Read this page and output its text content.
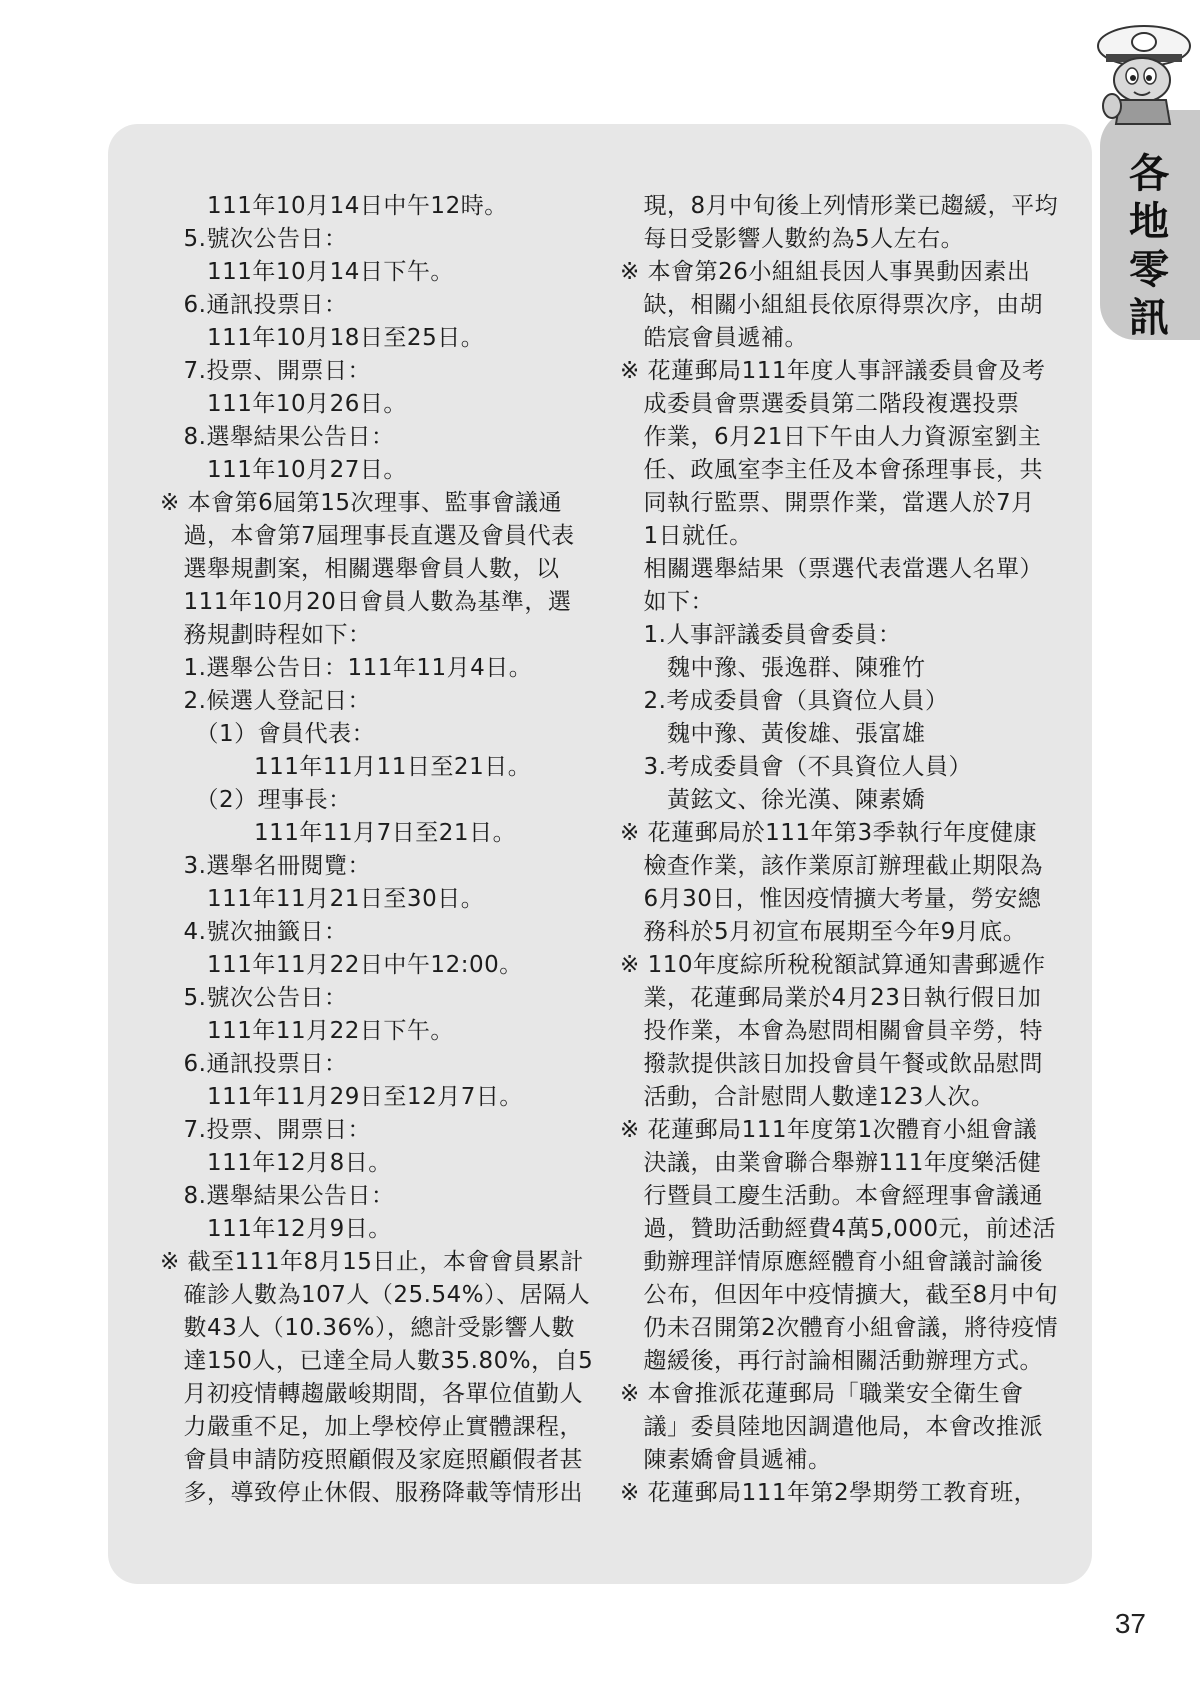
各
地
零
訊
　　111年10月14日中午12時。
　5.號次公告日：
　　111年10月14日下午。
　6.通訊投票日：
　　111年10月18日至25日。
　7.投票、開票日：
　　111年10月26日。
　8.選舉結果公告日：
　　111年10月27日。
※ 本會第6屆第15次理事、監事會議通
　過，本會第7屆理事長直選及會員代表
　選舉規劃案，相關選舉會員人數，以
　111年10月20日會員人數為基準，選
　務規劃時程如下：
　1.選舉公告日：111年11月4日。
　2.候選人登記日：
　　（1）會員代表：
　　　　111年11月11日至21日。
　　（2）理事長：
　　　　111年11月7日至21日。
　3.選舉名冊閱覽：
　　111年11月21日至30日。
　4.號次抽籤日：
　　111年11月22日中午12:00。
　5.號次公告日：
　　111年11月22日下午。
　6.通訊投票日：
　　111年11月29日至12月7日。
　7.投票、開票日：
　　111年12月8日。
　8.選舉結果公告日：
　　111年12月9日。
※ 截至111年8月15日止，本會會員累計
　確診人數為107人（25.54%）、居隔人
　數43人（10.36%），總計受影響人數
　達150人，已達全局人數35.80%，自5
　月初疫情轉趨嚴峻期間，各單位值勤人
　力嚴重不足，加上學校停止實體課程，
　會員申請防疫照顧假及家庭照顧假者甚
　多，導致停止休假、服務降載等情形出
　現，8月中旬後上列情形業已趨緩，平均
　每日受影響人數約為5人左右。
※ 本會第26小組組長因人事異動因素出
　缺，相關小組組長依原得票次序，由胡
　皓宸會員遞補。
※ 花蓮郵局111年度人事評議委員會及考
　成委員會票選委員第二階段複選投票
　作業，6月21日下午由人力資源室劉主
　任、政風室李主任及本會孫理事長，共
　同執行監票、開票作業，當選人於7月
　1日就任。
　相關選舉結果（票選代表當選人名單）
　如下：
　1.人事評議委員會委員：
　　魏中豫、張逸群、陳雅竹
　2.考成委員會（具資位人員）
　　魏中豫、黃俊雄、張富雄
　3.考成委員會（不具資位人員）
　　黃鉉文、徐光漢、陳素嬌
※ 花蓮郵局於111年第3季執行年度健康
　檢查作業，該作業原訂辦理截止期限為
　6月30日，惟因疫情擴大考量，勞安總
　務科於5月初宣布展期至今年9月底。
※ 110年度綜所稅稅額試算通知書郵遞作
　業，花蓮郵局業於4月23日執行假日加
　投作業，本會為慰問相關會員辛勞，特
　撥款提供該日加投會員午餐或飲品慰問
　活動，合計慰問人數達123人次。
※ 花蓮郵局111年度第1次體育小組會議
　決議，由業會聯合舉辦111年度樂活健
　行暨員工慶生活動。本會經理事會議通
　過，贊助活動經費4萬5,000元，前述活
　動辦理詳情原應經體育小組會議討論後
　公布，但因年中疫情擴大，截至8月中旬
　仍未召開第2次體育小組會議，將待疫情
　趨緩後，再行討論相關活動辦理方式。
※ 本會推派花蓮郵局「職業安全衛生會
　議」委員陸地因調遣他局，本會改推派
　陳素嬌會員遞補。
※ 花蓮郵局111年第2學期勞工教育班，
37
